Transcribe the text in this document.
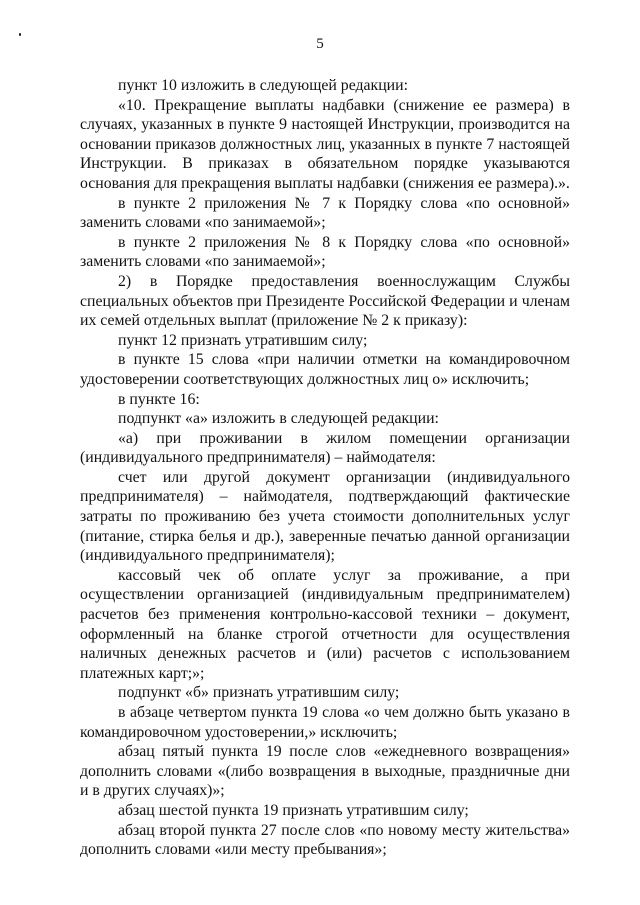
5

пункт 10 изложить в следующей редакции:

«10. Прекращение выплаты надбавки (снижение ее размера) в случаях, указанных в пункте 9 настоящей Инструкции, производится на основании приказов должностных лиц, указанных в пункте 7 настоящей Инструкции. В приказах в обязательном порядке указываются основания для прекращения выплаты надбавки (снижения ее размера).».

в пункте 2 приложения № 7 к Порядку слова «по основной» заменить словами «по занимаемой»;

в пункте 2 приложения № 8 к Порядку слова «по основной» заменить словами «по занимаемой»;

2) в Порядке предоставления военнослужащим Службы специальных объектов при Президенте Российской Федерации и членам их семей отдельных выплат (приложение № 2 к приказу):

пункт 12 признать утратившим силу;

в пункте 15 слова «при наличии отметки на командировочном удостоверении соответствующих должностных лиц о» исключить;

в пункте 16:

подпункт «а» изложить в следующей редакции:

«а) при проживании в жилом помещении организации (индивидуального предпринимателя) – наймодателя:

счет или другой документ организации (индивидуального предпринимателя) – наймодателя, подтверждающий фактические затраты по проживанию без учета стоимости дополнительных услуг (питание, стирка белья и др.), заверенные печатью данной организации (индивидуального предпринимателя);

кассовый чек об оплате услуг за проживание, а при осуществлении организацией (индивидуальным предпринимателем) расчетов без применения контрольно-кассовой техники – документ, оформленный на бланке строгой отчетности для осуществления наличных денежных расчетов и (или) расчетов с использованием платежных карт;»;

подпункт «б» признать утратившим силу;

в абзаце четвертом пункта 19 слова «о чем должно быть указано в командировочном удостоверении,» исключить;

абзац пятый пункта 19 после слов «ежедневного возвращения» дополнить словами «(либо возвращения в выходные, праздничные дни и в других случаях)»;

абзац шестой пункта 19 признать утратившим силу;

абзац второй пункта 27 после слов «по новому месту жительства» дополнить словами «или месту пребывания»;
